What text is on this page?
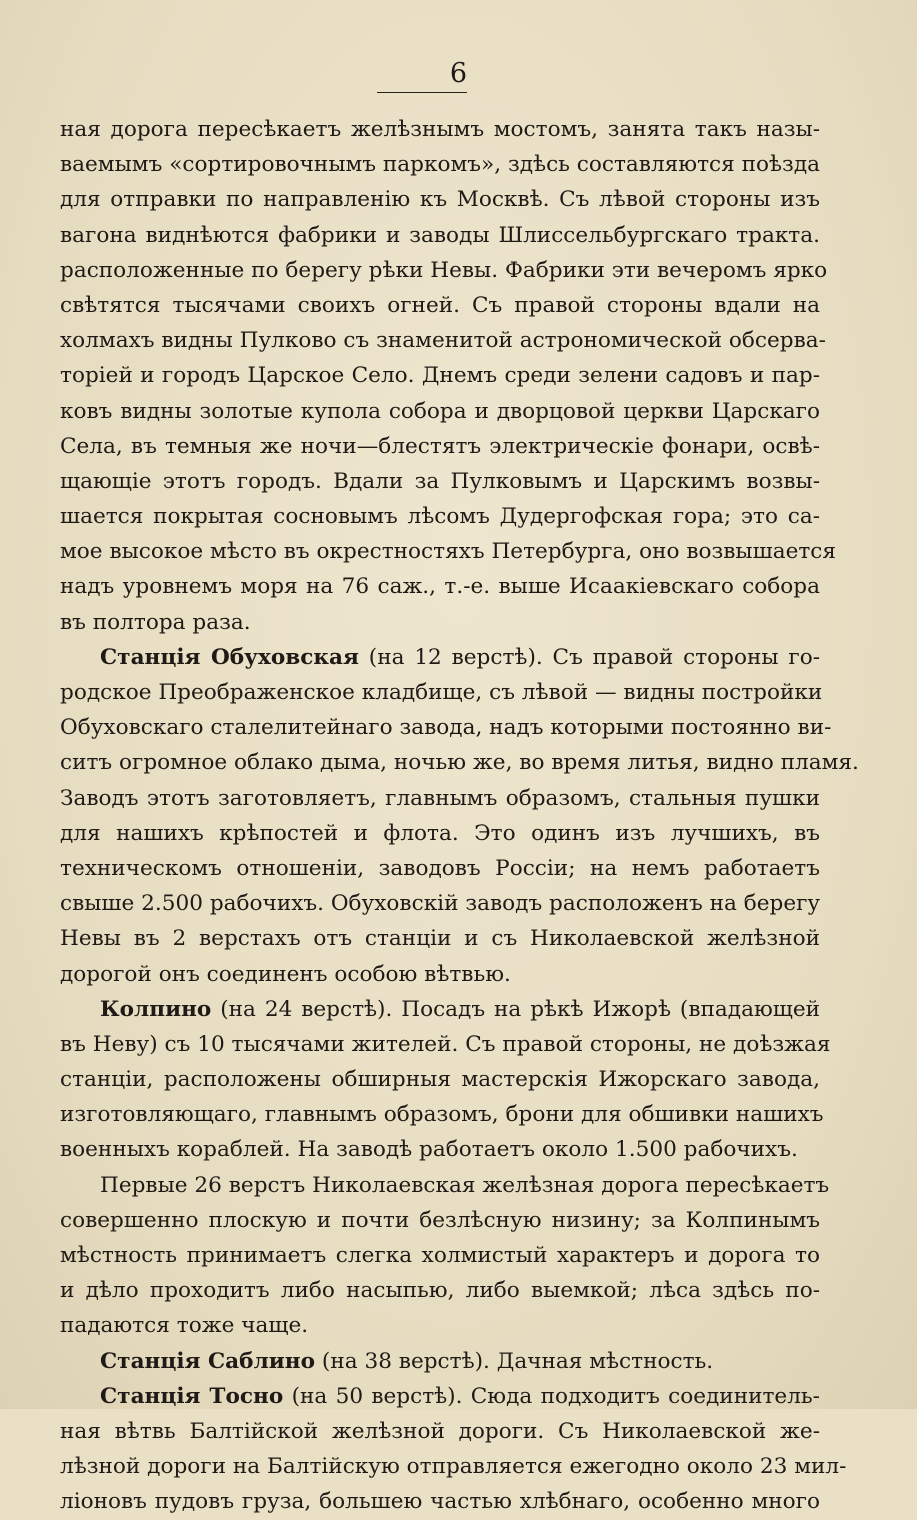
6
ная дорога пересѣкаетъ желѣзнымъ мостомъ, занята такъ назы-
ваемымъ «сортировочнымъ паркомъ», здѣсь составляются поѣзда
для отправки по направленію къ Москвѣ. Съ лѣвой стороны изъ
вагона виднѣются фабрики и заводы Шлиссельбургскаго тракта.
расположенные по берегу рѣки Невы. Фабрики эти вечеромъ ярко
свѣтятся тысячами своихъ огней. Съ правой стороны вдали на
холмахъ видны Пулково съ знаменитой астрономической обсерва-
торіей и городъ Царское Село. Днемъ среди зелени садовъ и пар-
ковъ видны золотые купола собора и дворцовой церкви Царскаго
Села, въ темныя же ночи—блестятъ электрическіе фонари, освѣ-
щающіе этотъ городъ. Вдали за Пулковымъ и Царскимъ возвы-
шается покрытая сосновымъ лѣсомъ Дудергофская гора; это са-
мое высокое мѣсто въ окрестностяхъ Петербурга, оно возвышается
надъ уровнемъ моря на 76 саж., т.-е. выше Исаакіевскаго собора
въ полтора раза.
Станція Обуховская (на 12 верстѣ). Съ правой стороны го-
родское Преображенское кладбище, съ лѣвой — видны постройки
Обуховскаго сталелитейнаго завода, надъ которыми постоянно ви-
ситъ огромное облако дыма, ночью же, во время литья, видно пламя.
Заводъ этотъ заготовляетъ, главнымъ образомъ, стальныя пушки
для нашихъ крѣпостей и флота. Это одинъ изъ лучшихъ, въ
техническомъ отношеніи, заводовъ Россіи; на немъ работаетъ
свыше 2.500 рабочихъ. Обуховскій заводъ расположенъ на берегу
Невы въ 2 верстахъ отъ станціи и съ Николаевской желѣзной
дорогой онъ соединенъ особою вѣтвью.
Колпино (на 24 верстѣ). Посадъ на рѣкѣ Ижорѣ (впадающей
въ Неву) съ 10 тысячами жителей. Съ правой стороны, не доѣзжая
станціи, расположены обширныя мастерскія Ижорскаго завода,
изготовляющаго, главнымъ образомъ, брони для обшивки нашихъ
военныхъ кораблей. На заводѣ работаетъ около 1.500 рабочихъ.
Первые 26 верстъ Николаевская желѣзная дорога пересѣкаетъ
совершенно плоскую и почти безлѣсную низину; за Колпинымъ
мѣстность принимаетъ слегка холмистый характеръ и дорога то
и дѣло проходитъ либо насыпью, либо выемкой; лѣса здѣсь по-
падаются тоже чаще.
Станція Саблино (на 38 верстѣ). Дачная мѣстность.
Станція Тосно (на 50 верстѣ). Сюда подходитъ соединитель-
ная вѣтвь Балтійской желѣзной дороги. Съ Николаевской же-
лѣзной дороги на Балтійскую отправляется ежегодно около 23 мил-
ліоновъ пудовъ груза, большею частью хлѣбнаго, особенно много
